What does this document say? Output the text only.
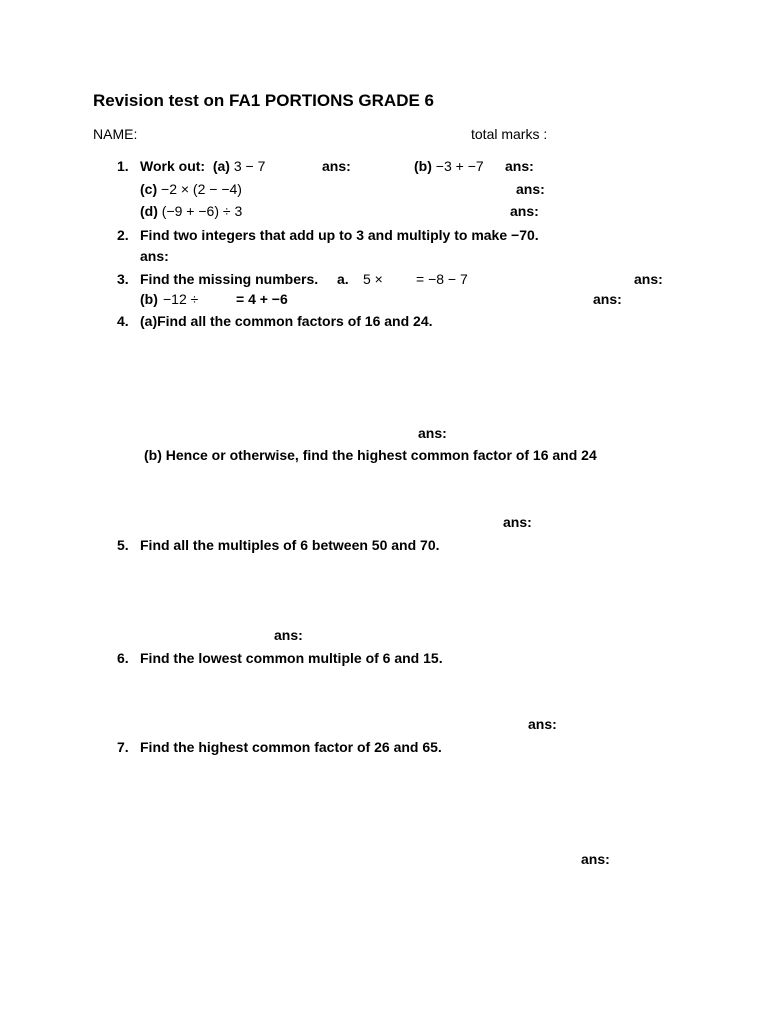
Revision test on FA1 PORTIONS GRADE 6
NAME:	total marks :
1. Work out: (a) 3 − 7	ans:	(b) −3 + −7 ans:
(c) −2 × (2 − −4)	ans:
(d) (−9 + −6) ÷ 3	ans:
2. Find two integers that add up to 3 and multiply to make −70.
ans:
3. Find the missing numbers. a. 5 × = −8 − 7	ans:
(b) −12 ÷	= 4 + −6	ans:
4. (a)Find all the common factors of 16 and 24.
ans:
(b) Hence or otherwise, find the highest common factor of 16 and 24
ans:
5. Find all the multiples of 6 between 50 and 70.
ans:
6. Find the lowest common multiple of 6 and 15.
ans:
7. Find the highest common factor of 26 and 65.
ans:
